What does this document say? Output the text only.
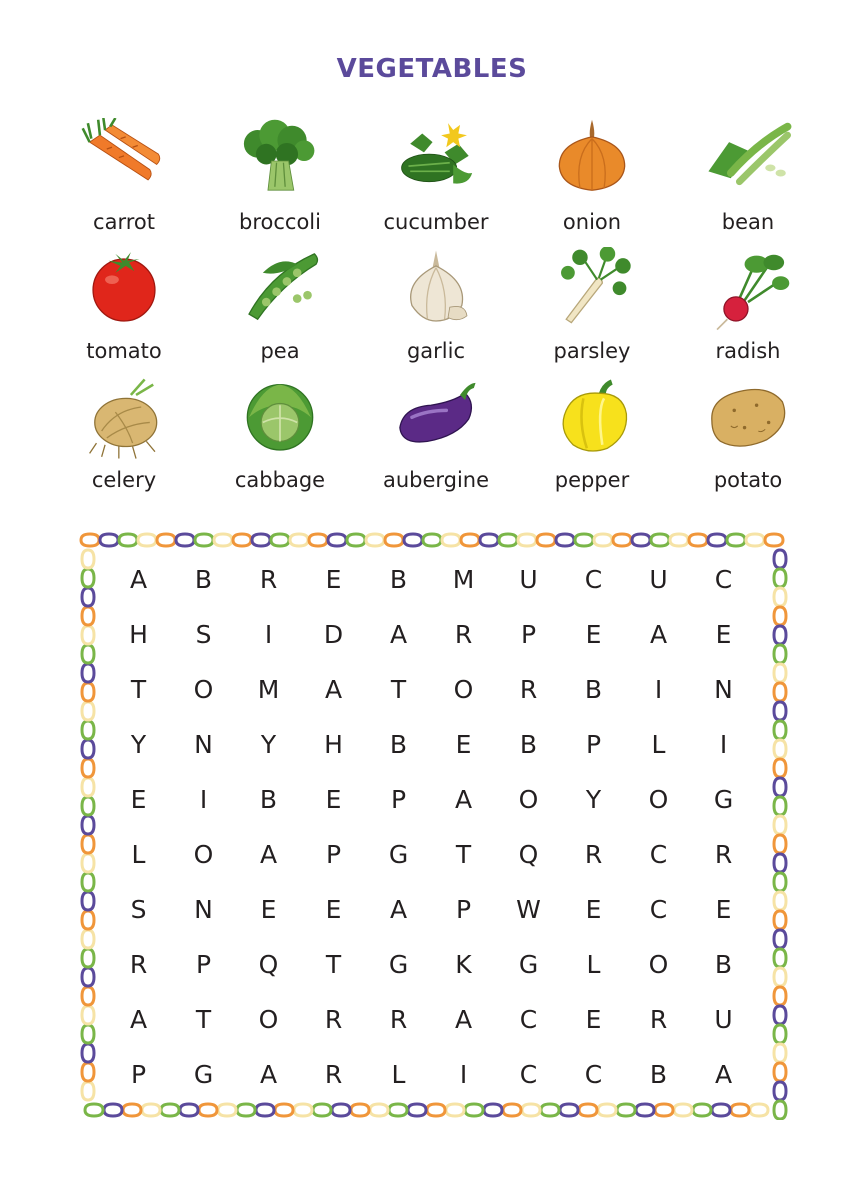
VEGETABLES
carrot	broccoli	cucumber	onion	bean
tomato	pea	garlic	parsley	radish
celery	cabbage	aubergine	pepper	potato
A	B	R	E	B	M	U	C	U	C
H	S	I	D	A	R	P	E	A	E
T	O	M	A	T	O	R	B	I	N
Y	N	Y	H	B	E	B	P	L	I
E	I	B	E	P	A	O	Y	O	G
L	O	A	P	G	T	Q	R	C	R
S	N	E	E	A	P	W	E	C	E
R	P	Q	T	G	K	G	L	O	B
A	T	O	R	R	A	C	E	R	U
P	G	A	R	L	I	C	C	B	A
